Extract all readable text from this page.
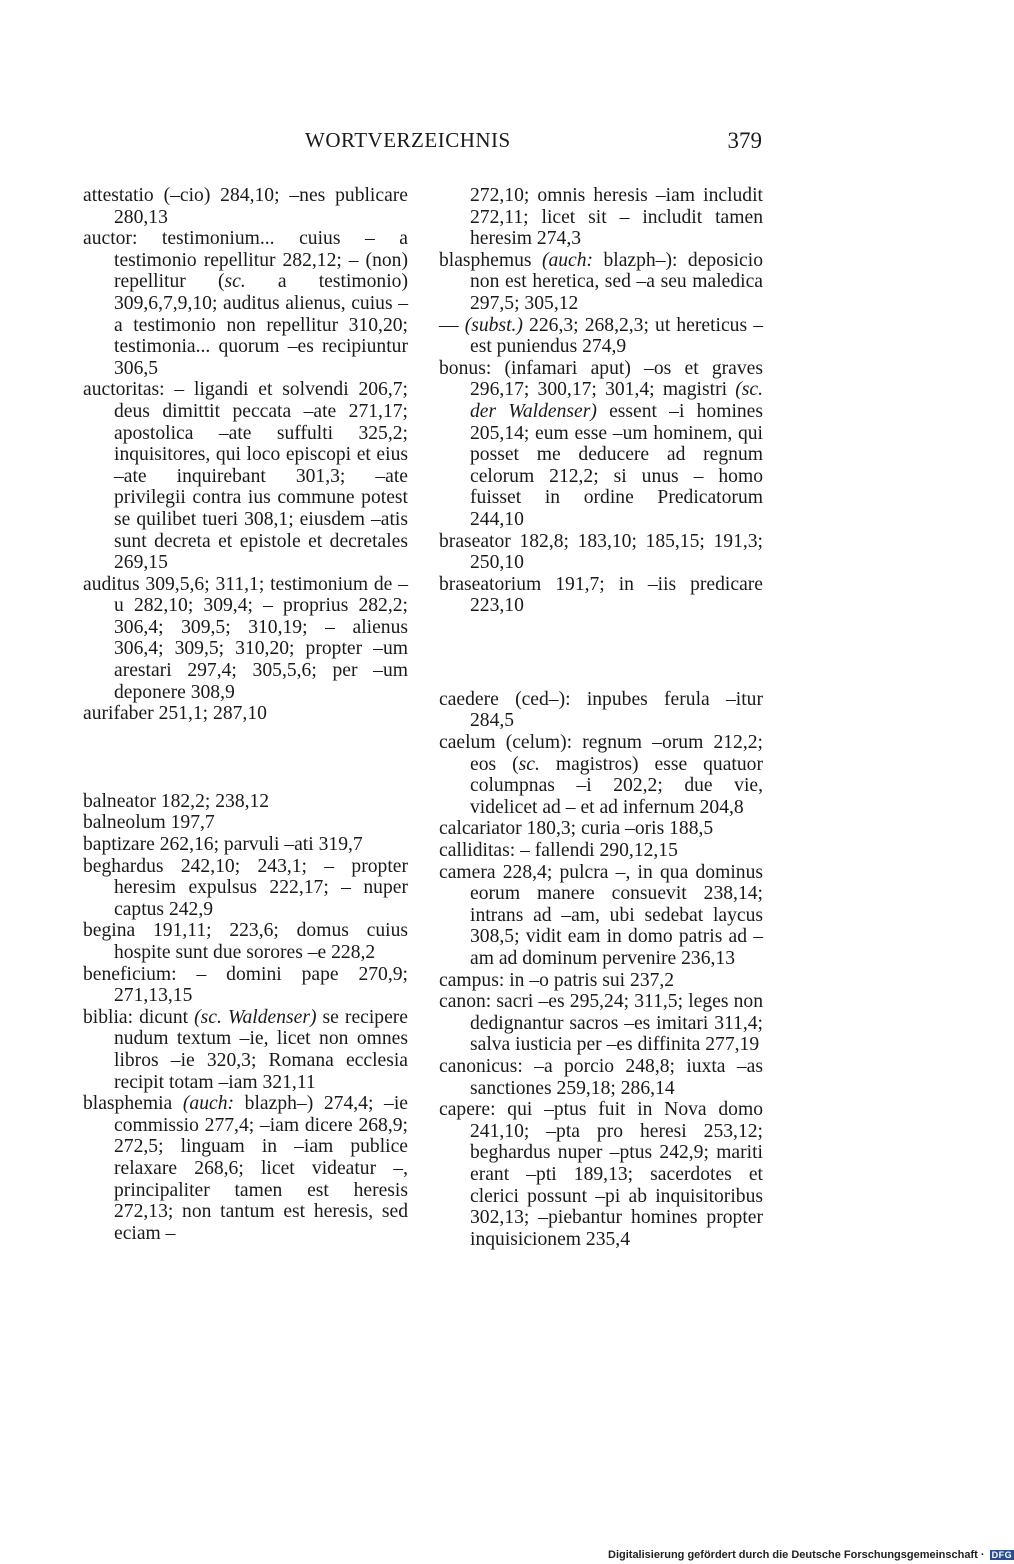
WORTVERZEICHNIS	379

attestatio (–cio) 284,10; –nes publicare 280,13

auctor: testimonium... cuius – a testimonio repellitur 282,12; – (non) repellitur (sc. a testimonio) 309,6,7,9,10; auditus alienus, cuius – a testimonio non repellitur 310,20; testimonia... quorum –es recipiuntur 306,5

auctoritas: – ligandi et solvendi 206,7; deus dimittit peccata –ate 271,17; apostolica –ate suffulti 325,2; inquisitores, qui loco episcopi et eius –ate inquirebant 301,3; –ate privilegii contra ius commune potest se quilibet tueri 308,1; eiusdem –atis sunt decreta et epistole et decretales 269,15

auditus 309,5,6; 311,1; testimonium de –u 282,10; 309,4; – proprius 282,2; 306,4; 309,5; 310,19; – alienus 306,4; 309,5; 310,20; propter –um arestari 297,4; 305,5,6; per –um deponere 308,9

aurifaber 251,1; 287,10

balneator 182,2; 238,12

balneolum 197,7

baptizare 262,16; parvuli –ati 319,7

beghardus 242,10; 243,1; – propter heresim expulsus 222,17; – nuper captus 242,9

begina 191,11; 223,6; domus cuius hospite sunt due sorores –e 228,2

beneficium: – domini pape 270,9; 271,13,15

biblia: dicunt (sc. Waldenser) se recipere nudum textum –ie, licet non omnes libros –ie 320,3; Romana ecclesia recipit totam –iam 321,11

blasphemia (auch: blazph–) 274,4; –ie commissio 277,4; –iam dicere 268,9; 272,5; linguam in –iam publice relaxare 268,6; licet videatur –, principaliter tamen est heresis 272,13; non tantum est heresis, sed eciam –

272,10; omnis heresis –iam includit 272,11; licet sit – includit tamen heresim 274,3

blasphemus (auch: blazph–): deposicio non est heretica, sed –a seu maledica 297,5; 305,12

— (subst.) 226,3; 268,2,3; ut hereticus – est puniendus 274,9

bonus: (infamari aput) –os et graves 296,17; 300,17; 301,4; magistri (sc. der Waldenser) essent –i homines 205,14; eum esse –um hominem, qui posset me deducere ad regnum celorum 212,2; si unus – homo fuisset in ordine Predicatorum 244,10

braseator 182,8; 183,10; 185,15; 191,3; 250,10

braseatorium 191,7; in –iis predicare 223,10

caedere (ced–): inpubes ferula –itur 284,5

caelum (celum): regnum –orum 212,2; eos (sc. magistros) esse quatuor columpnas –i 202,2; due vie, videlicet ad – et ad infernum 204,8

calcariator 180,3; curia –oris 188,5

calliditas: – fallendi 290,12,15

camera 228,4; pulcra –, in qua dominus eorum manere consuevit 238,14; intrans ad –am, ubi sedebat laycus 308,5; vidit eam in domo patris ad –am ad dominum pervenire 236,13

campus: in –o patris sui 237,2

canon: sacri –es 295,24; 311,5; leges non dedignantur sacros –es imitari 311,4; salva iusticia per –es diffinita 277,19

canonicus: –a porcio 248,8; iuxta –as sanctiones 259,18; 286,14

capere: qui –ptus fuit in Nova domo 241,10; –pta pro heresi 253,12; beghardus nuper –ptus 242,9; mariti erant –pti 189,13; sacerdotes et clerici possunt –pi ab inquisitoribus 302,13; –piebantur homines propter inquisicionem 235,4

Digitalisierung gefördert durch die Deutsche Forschungsgemeinschaft · DFG
